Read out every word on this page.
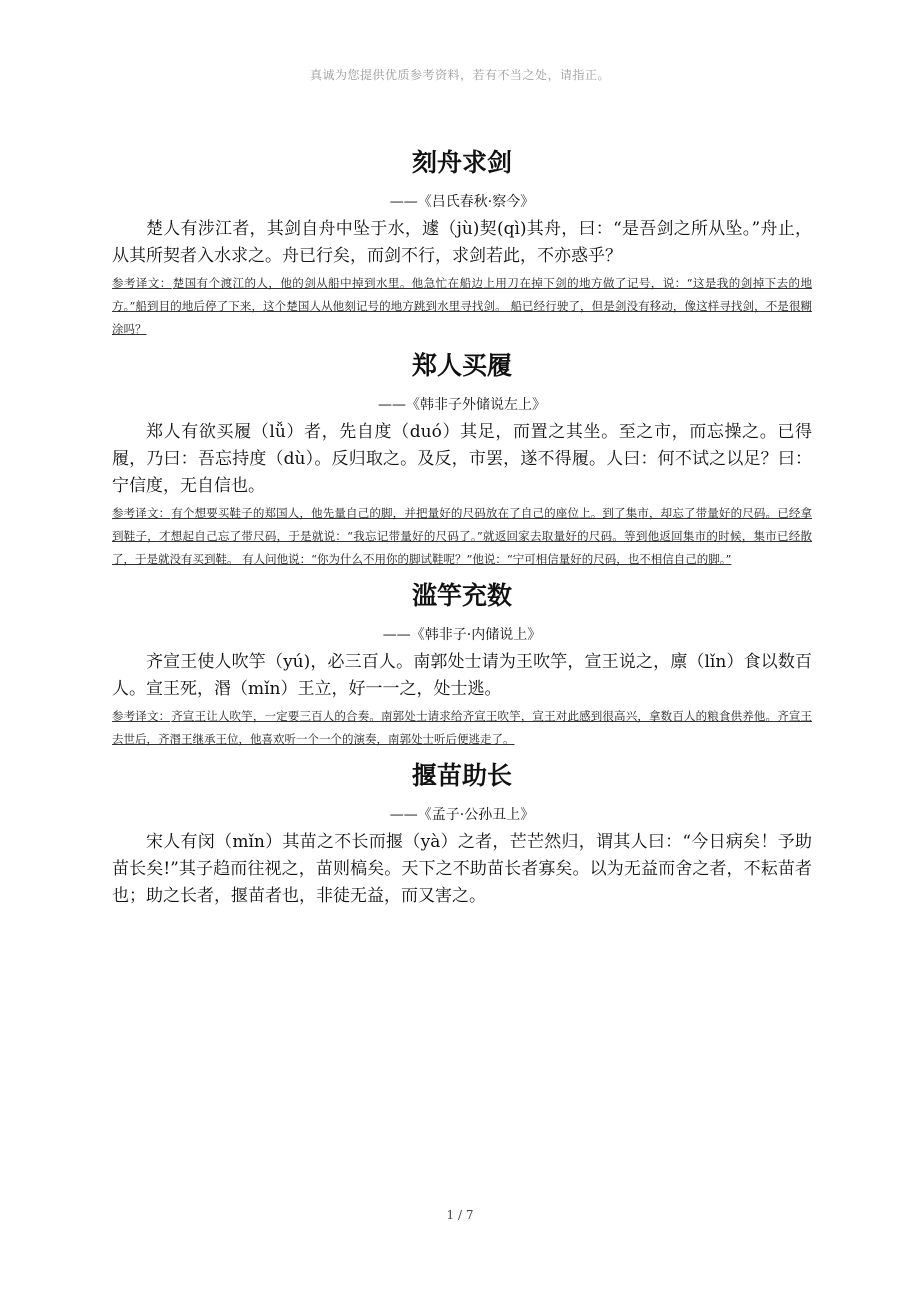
真诚为您提供优质参考资料，若有不当之处，请指正。
刻舟求剑
——《吕氏春秋·察今》

楚人有涉江者，其剑自舟中坠于水，遽（jù)契(qì)其舟，曰：“是吾剑之所从坠。”舟止，从其所契者入水求之。舟已行矣，而剑不行，求剑若此，不亦惑乎？

参考译文：楚国有个渡江的人，他的剑从船中掉到水里。他急忙在船边上用刀在掉下剑的地方做了记号，说：“这是我的剑掉下去的地方。”船到目的地后停了下来，这个楚国人从他刻记号的地方跳到水里寻找剑。 船已经行驶了，但是剑没有移动，像这样寻找剑，不是很糊涂吗？

郑人买履
——《韩非子外储说左上》

郑人有欲买履（lǚ）者，先自度（duó）其足，而置之其坐。至之市，而忘操之。已得履，乃曰：吾忘持度（dù）。反归取之。及反，市罢，遂不得履。人曰：何不试之以足？曰：宁信度，无自信也。

参考译文：有个想要买鞋子的郑国人，他先量自己的脚，并把量好的尺码放在了自己的座位上。到了集市，却忘了带量好的尺码。已经拿到鞋子，才想起自己忘了带尺码，于是就说：“我忘记带量好的尺码了。”就返回家去取量好的尺码。等到他返回集市的时候，集市已经散了，于是就没有买到鞋。 有人问他说：“你为什么不用你的脚试鞋呢？”他说：“宁可相信量好的尺码，也不相信自己的脚。”

滥竽充数
——《韩非子·内储说上》

齐宣王使人吹竽（yú)，必三百人。南郭处士请为王吹竽，宣王说之，廪（lǐn）食以数百人。宣王死，湣（mǐn）王立，好一一之，处士逃。

参考译文：齐宣王让人吹竽，一定要三百人的合奏。南郭处士请求给齐宣王吹竽，宣王对此感到很高兴，拿数百人的粮食供养他。齐宣王去世后，齐湣王继承王位，他喜欢听一个一个的演奏，南郭处士听后便逃走了。

揠苗助长
——《孟子·公孙丑上》

宋人有闵（mǐn）其苗之不长而揠（yà）之者，芒芒然归，谓其人曰：“今日病矣！予助苗长矣!”其子趋而往视之，苗则槁矣。天下之不助苗长者寡矣。以为无益而舍之者，不耘苗者也；助之长者，揠苗者也，非徒无益，而又害之。

1 / 7
